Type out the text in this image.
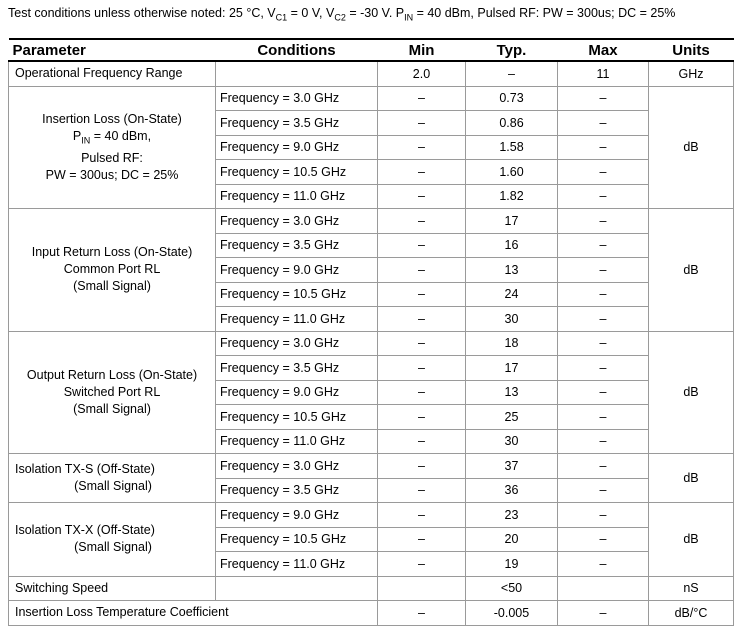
Test conditions unless otherwise noted: 25 °C, $V_{C1} = 0$ V, $V_{C2} = -30$ V. $P_{IN} = 40$ dBm, Pulsed RF: PW = 300us; DC = 25%
Parameter	Conditions	Min	Typ.	Max	Units
Operational Frequency Range		2.0	–	11	GHz

Insertion Loss (On-State)
$P_{IN} = 40$ dBm,
Pulsed RF:
PW = 300us; DC = 25%	Frequency = 3.0 GHz	–	0.73	–	dB
	Frequency = 3.5 GHz	–	0.86	–	
	Frequency = 9.0 GHz	–	1.58	–	
	Frequency = 10.5 GHz	–	1.60	–	
	Frequency = 11.0 GHz	–	1.82	–	

Input Return Loss (On-State)
Common Port RL
(Small Signal)	Frequency = 3.0 GHz	–	17	–	dB
	Frequency = 3.5 GHz	–	16	–	
	Frequency = 9.0 GHz	–	13	–	
	Frequency = 10.5 GHz	–	24	–	
	Frequency = 11.0 GHz	–	30	–	

Output Return Loss (On-State)
Switched Port RL
(Small Signal)	Frequency = 3.0 GHz	–	18	–	dB
	Frequency = 3.5 GHz	–	17	–	
	Frequency = 9.0 GHz	–	13	–	
	Frequency = 10.5 GHz	–	25	–	
	Frequency = 11.0 GHz	–	30	–	

Isolation TX-S (Off-State)
(Small Signal)	Frequency = 3.0 GHz	–	37	–	dB
	Frequency = 3.5 GHz	–	36	–	

Isolation TX-X (Off-State)
(Small Signal)	Frequency = 9.0 GHz	–	23	–	dB
	Frequency = 10.5 GHz	–	20	–	
	Frequency = 11.0 GHz	–	19	–	
Switching Speed			<50		nS
Insertion Loss Temperature Coefficient		–	-0.005	–	dB/°C
